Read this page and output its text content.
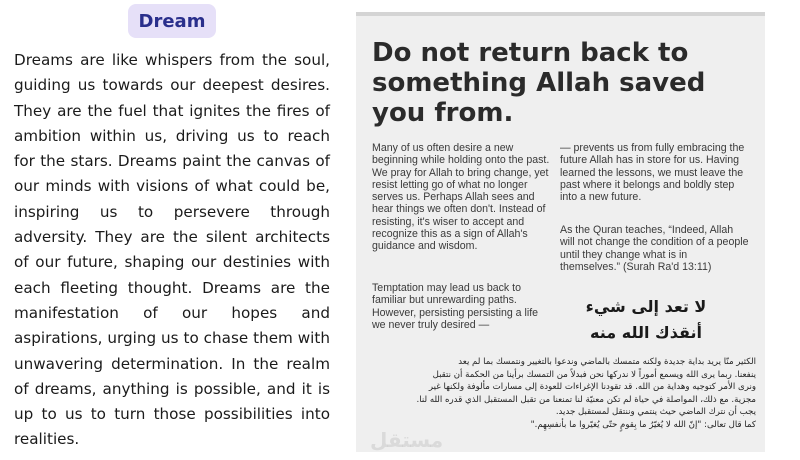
Dream

Dreams are like whispers from the soul, guiding us towards our deepest desires. They are the fuel that ignites the fires of ambition within us, driving us to reach for the stars. Dreams paint the canvas of our minds with visions of what could be, inspiring us to persevere through adversity. They are the silent architects of our future, shaping our destinies with each fleeting thought. Dreams are the manifestation of our hopes and aspirations, urging us to chase them with unwavering determination. In the realm of dreams, anything is possible, and it is up to us to turn those possibilities into realities.

Do not return back to something Allah saved you from.

Many of us often desire a new beginning while holding onto the past. We pray for Allah to bring change, yet resist letting go of what no longer serves us. Perhaps Allah sees and hear things we often don't. Instead of resisting, it's wiser to accept and recognize this as a sign of Allah's guidance and wisdom.

Temptation may lead us back to familiar but unrewarding paths. However, persisting persisting a life we never truly desired —

— prevents us from fully embracing the future Allah has in store for us. Having learned the lessons, we must leave the past where it belongs and boldly step into a new future.

As the Quran teaches, “Indeed, Allah will not change the condition of a people until they change what is in themselves.” (Surah Ra'd 13:11)

لا تعد إلى شيء
أنقذك الله منه

الكثير منّا يريد بداية جديدة ولكنه متمسك بالماضي وندعوا بالتغيير ونتمسك بما لم يعد

ينفعنا. ربما يرى الله ويسمع أموراً لا ندركها نحن فبدلاً من التمسك برأينا من الحكمة أن نتقبل

ونرى الأمر كتوجيه وهداية من الله. قد تقودنا الإغراءات للعودة إلى مسارات مألوفة ولكنها غير

مجزية. مع ذلك، المواصلة في حياة لم تكن معنيّة لنا تمنعنا من تقبل المستقبل الذي قدره الله لنا.

يجب أن نترك الماضي حيث ينتمي وننتقل لمستقبل جديد.

كما قال تعالى: "إنّ الله لا يُغيّرُ ما بِقومٍ حتّى يُغيّروا ما بأنفسِهِم."

مستقل
